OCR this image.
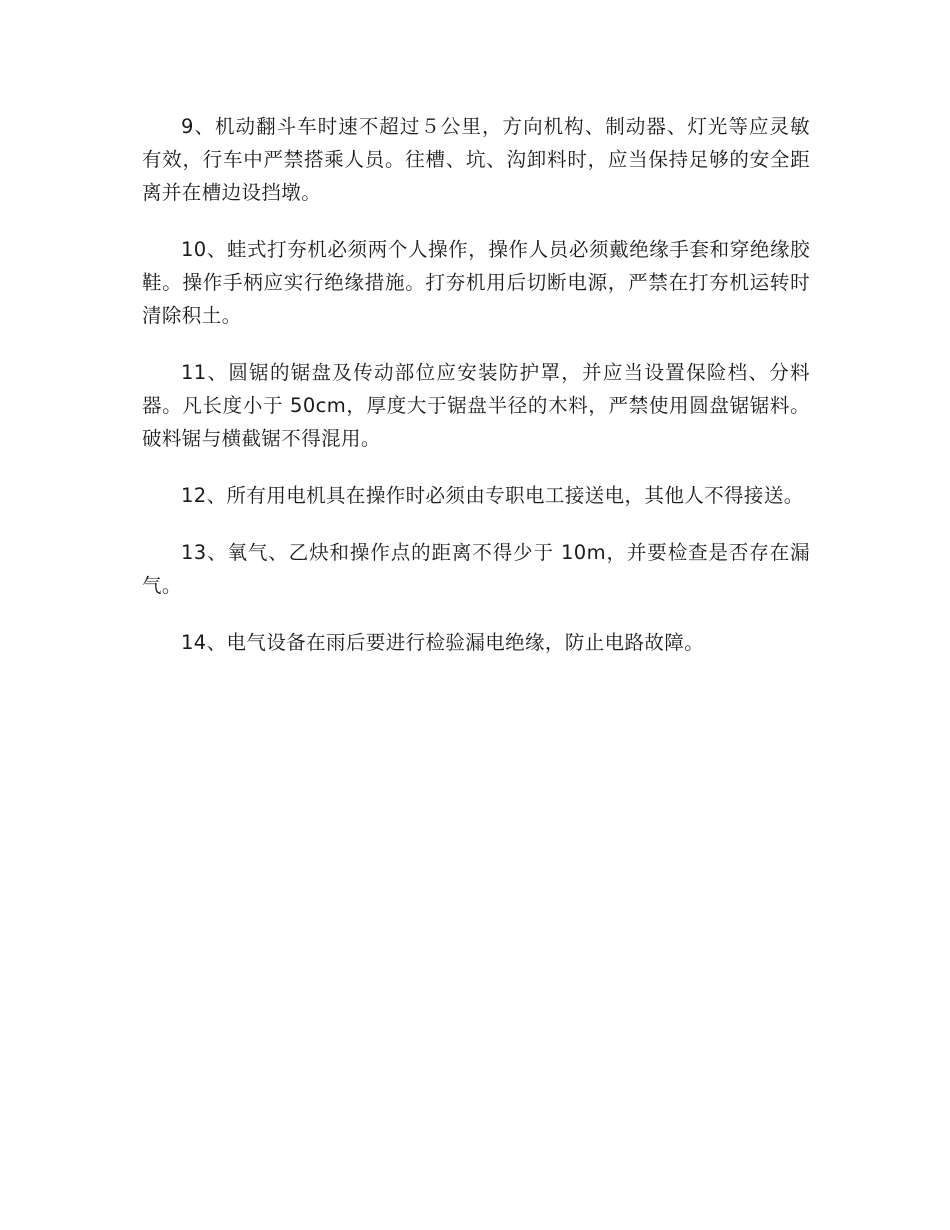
9、机动翻斗车时速不超过５公里，方向机构、制动器、灯光等应灵敏有效，行车中严禁搭乘人员。往槽、坑、沟卸料时，应当保持足够的安全距离并在槽边设挡墩。

10、蛙式打夯机必须两个人操作，操作人员必须戴绝缘手套和穿绝缘胶鞋。操作手柄应实行绝缘措施。打夯机用后切断电源，严禁在打夯机运转时清除积土。

11、圆锯的锯盘及传动部位应安装防护罩，并应当设置保险档、分料器。凡长度小于 50cm，厚度大于锯盘半径的木料，严禁使用圆盘锯锯料。破料锯与横截锯不得混用。

12、所有用电机具在操作时必须由专职电工接送电，其他人不得接送。

13、氧气、乙炔和操作点的距离不得少于 10m，并要检查是否存在漏气。

14、电气设备在雨后要进行检验漏电绝缘，防止电路故障。
